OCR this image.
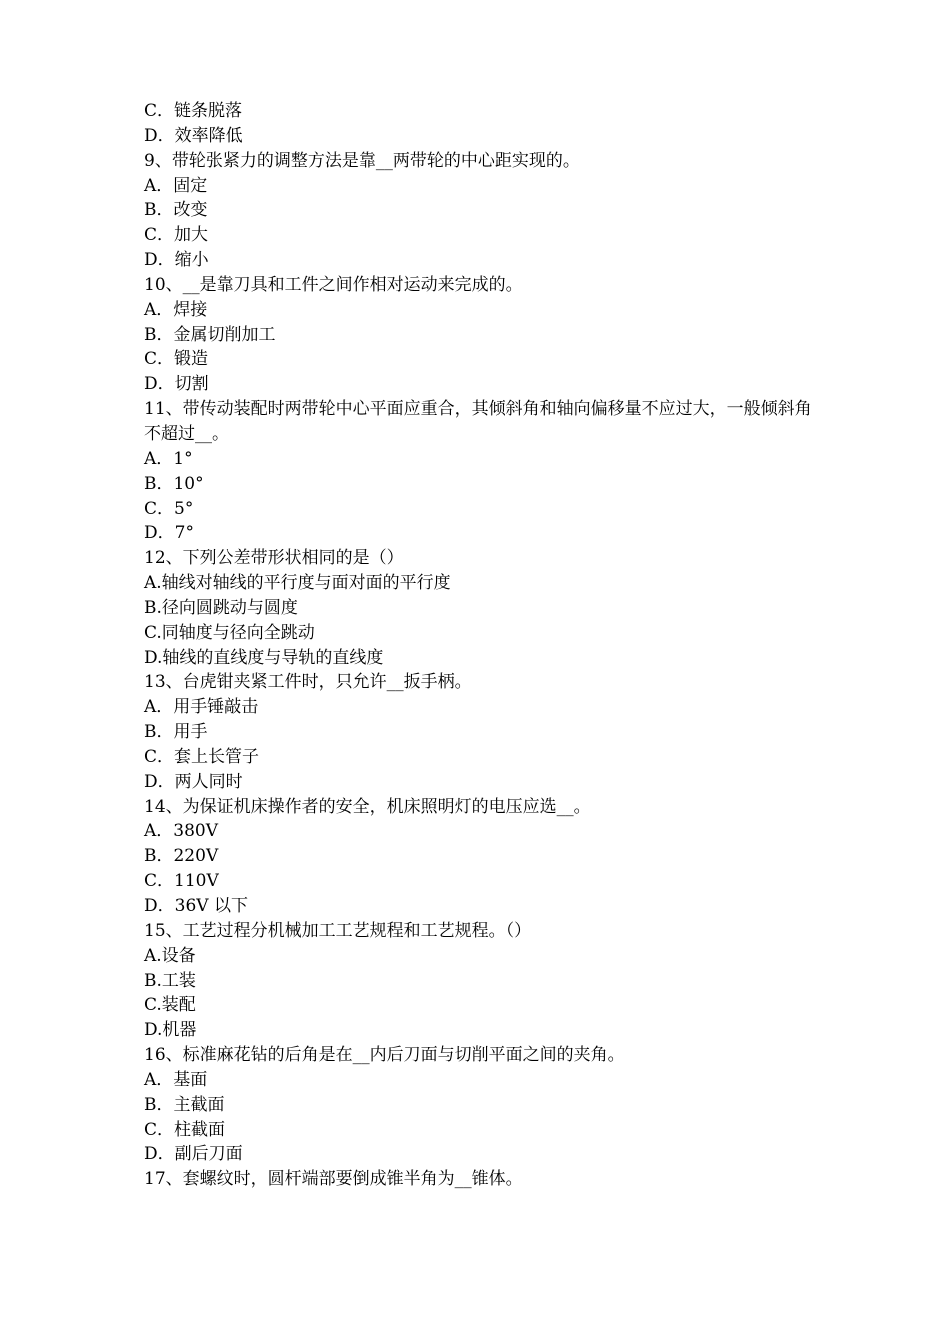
C．链条脱落

D．效率降低

9、带轮张紧力的调整方法是靠__两带轮的中心距实现的。

A．固定

B．改变

C．加大

D．缩小

10、__是靠刀具和工件之间作相对运动来完成的。

A．焊接

B．金属切削加工

C．锻造

D．切割

11、带传动装配时两带轮中心平面应重合，其倾斜角和轴向偏移量不应过大，一般倾斜角不超过__。

A．1°

B．10°

C．5°

D．7°

12、下列公差带形状相同的是（）

A.轴线对轴线的平行度与面对面的平行度

B.径向圆跳动与圆度

C.同轴度与径向全跳动

D.轴线的直线度与导轨的直线度

13、台虎钳夹紧工件时，只允许__扳手柄。

A．用手锤敲击

B．用手

C．套上长管子

D．两人同时

14、为保证机床操作者的安全，机床照明灯的电压应选__。

A．380V

B．220V

C．110V

D．36V 以下

15、工艺过程分机械加工工艺规程和工艺规程。（）

A.设备

B.工装

C.装配

D.机器

16、标准麻花钻的后角是在__内后刀面与切削平面之间的夹角。

A．基面

B．主截面

C．柱截面

D．副后刀面

17、套螺纹时，圆杆端部要倒成锥半角为__锥体。
